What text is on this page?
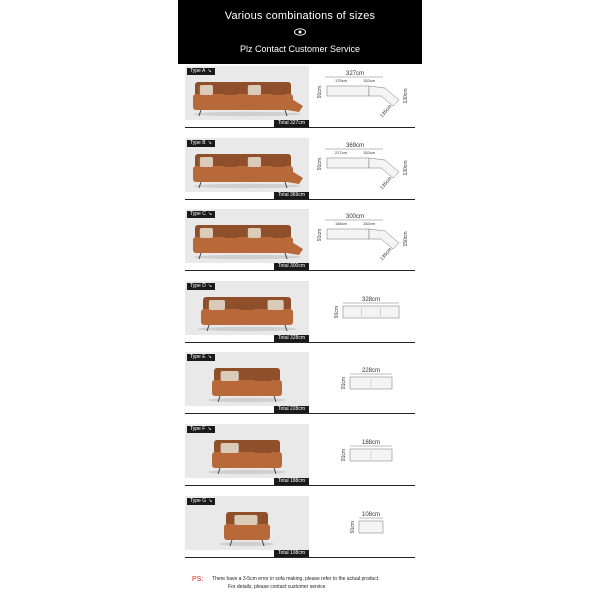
Various combinations of sizes
Plz Contact Customer Service
Type A ↘
Total 327cm
327cm
175cm	152cm
91cm
135cm
130cm
Type B ↘
Total 369cm
369cm
217cm	152cm
91cm
135cm
130cm
Type C ↘
Total 300cm
300cm
148cm	152cm
91cm
135cm
150cm
Type D ↘
Total 328cm
328cm
91cm
Type E ↘
Total 228cm
228cm
91cm
Type F ↘
Total 188cm
188cm
91cm
Type G ↘
Total 108cm
108cm
91cm
PS: There have a 3-5cm error in sofa making, please refer to the actual product.
For details, please contact customer service
